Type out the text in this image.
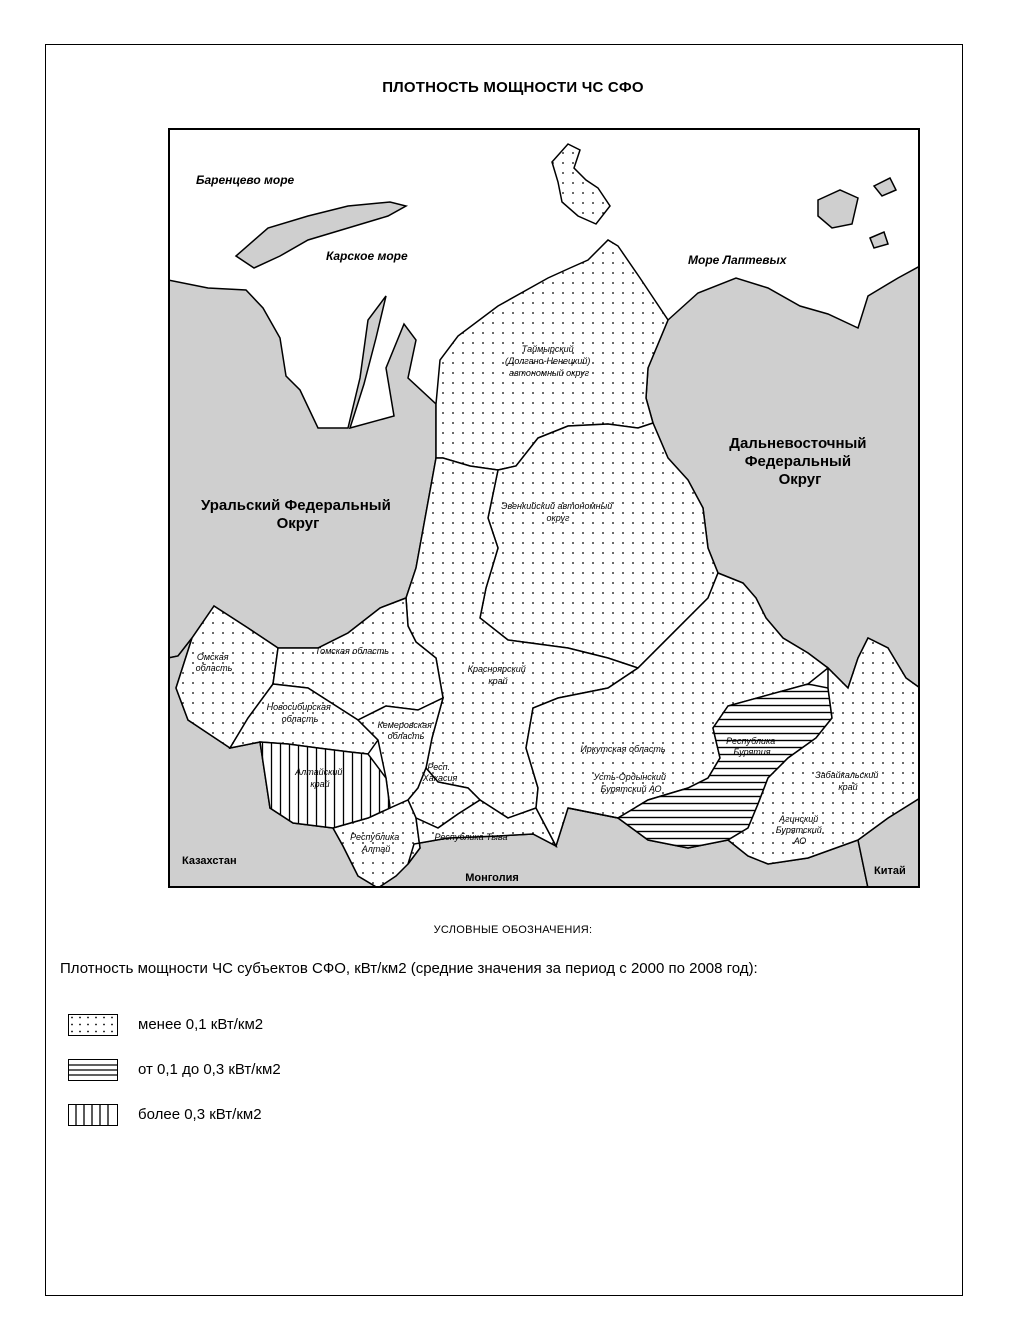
ПЛОТНОСТЬ МОЩНОСТИ ЧС СФО
Баренцево море
Карское море	Море Лаптевых
Таймырский (Долгано-Ненецкий) автономный округ
Дальневосточный Федеральный Округ
Эвенкийский автономный округ
Уральский Федеральный Округ
Омская область
Томская область
Красноярский край
Новосибирская область
Кемеровская область
Алтайский край
Респ. Хакасия
Иркутская область
Усть-Ордынский Бурятский АО
Республика Бурятия
Забайкальский край
Агинский Бурятский АО
Республика Алтай
Республика Тыва
Казахстан
Монголия
Китай
УСЛОВНЫЕ ОБОЗНАЧЕНИЯ:
Плотность мощности ЧС субъектов СФО, кВт/км2 (средние значения за период с 2000 по 2008 год):
менее 0,1 кВт/км2
от 0,1 до 0,3 кВт/км2
более 0,3 кВт/км2
